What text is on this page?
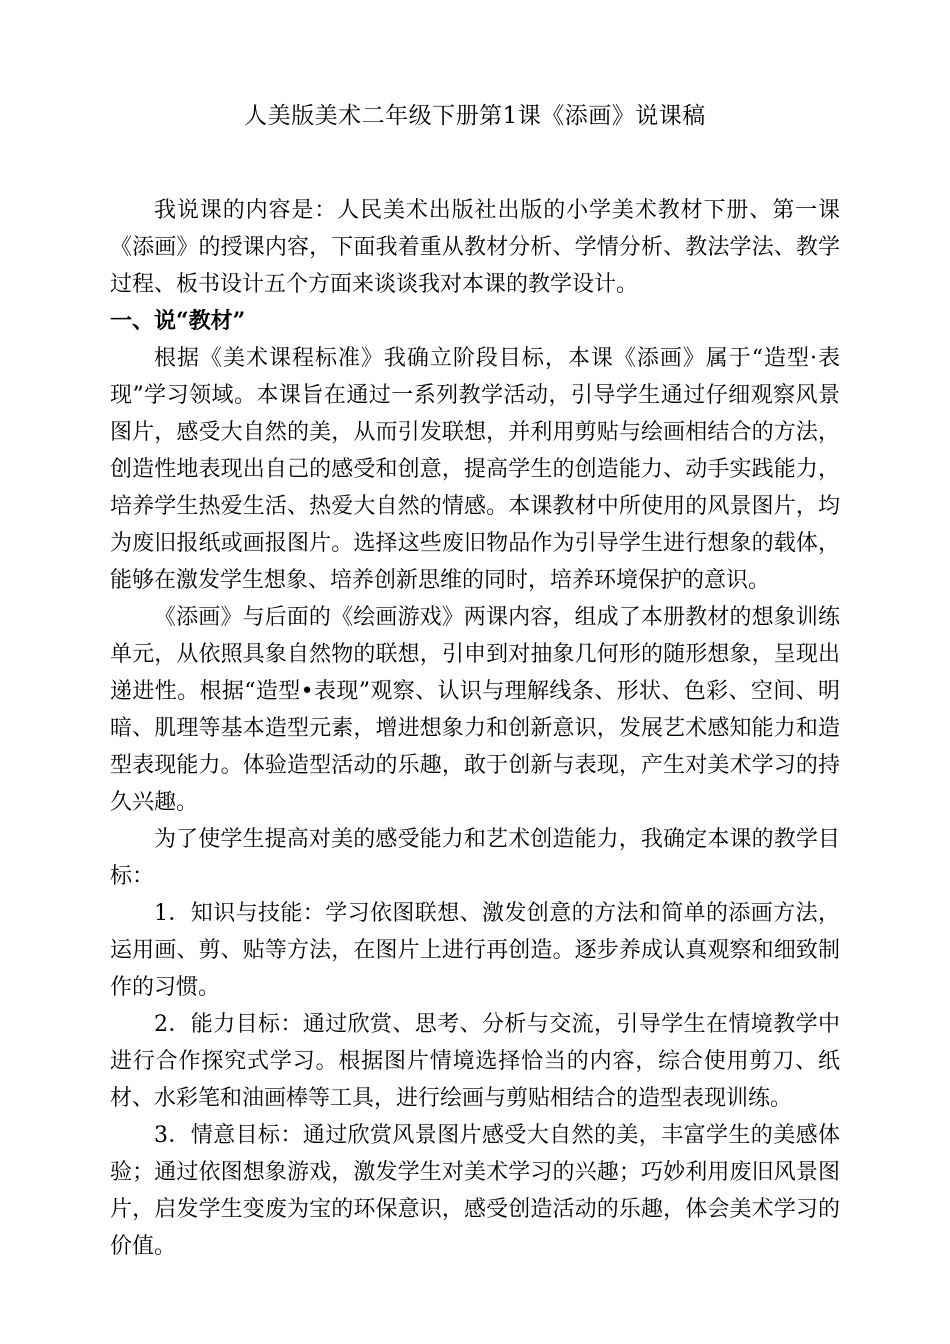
人美版美术二年级下册第1课《添画》说课稿

我说课的内容是：人民美术出版社出版的小学美术教材下册、第一课《添画》的授课内容，下面我着重从教材分析、学情分析、教法学法、教学过程、板书设计五个方面来谈谈我对本课的教学设计。

一、说“教材”

根据《美术课程标准》我确立阶段目标，本课《添画》属于“造型·表现”学习领域。本课旨在通过一系列教学活动，引导学生通过仔细观察风景图片，感受大自然的美，从而引发联想，并利用剪贴与绘画相结合的方法，创造性地表现出自己的感受和创意，提高学生的创造能力、动手实践能力，培养学生热爱生活、热爱大自然的情感。本课教材中所使用的风景图片，均为废旧报纸或画报图片。选择这些废旧物品作为引导学生进行想象的载体，能够在激发学生想象、培养创新思维的同时，培养环境保护的意识。

《添画》与后面的《绘画游戏》两课内容，组成了本册教材的想象训练单元，从依照具象自然物的联想，引申到对抽象几何形的随形想象，呈现出递进性。根据“造型•表现”观察、认识与理解线条、形状、色彩、空间、明暗、肌理等基本造型元素，增进想象力和创新意识，发展艺术感知能力和造型表现能力。体验造型活动的乐趣，敢于创新与表现，产生对美术学习的持久兴趣。

为了使学生提高对美的感受能力和艺术创造能力，我确定本课的教学目标：

1．知识与技能：学习依图联想、激发创意的方法和简单的添画方法，运用画、剪、贴等方法，在图片上进行再创造。逐步养成认真观察和细致制作的习惯。

2．能力目标：通过欣赏、思考、分析与交流，引导学生在情境教学中进行合作探究式学习。根据图片情境选择恰当的内容，综合使用剪刀、纸材、水彩笔和油画棒等工具，进行绘画与剪贴相结合的造型表现训练。

3．情意目标：通过欣赏风景图片感受大自然的美，丰富学生的美感体验；通过依图想象游戏，激发学生对美术学习的兴趣；巧妙利用废旧风景图片，启发学生变废为宝的环保意识，感受创造活动的乐趣，体会美术学习的价值。
